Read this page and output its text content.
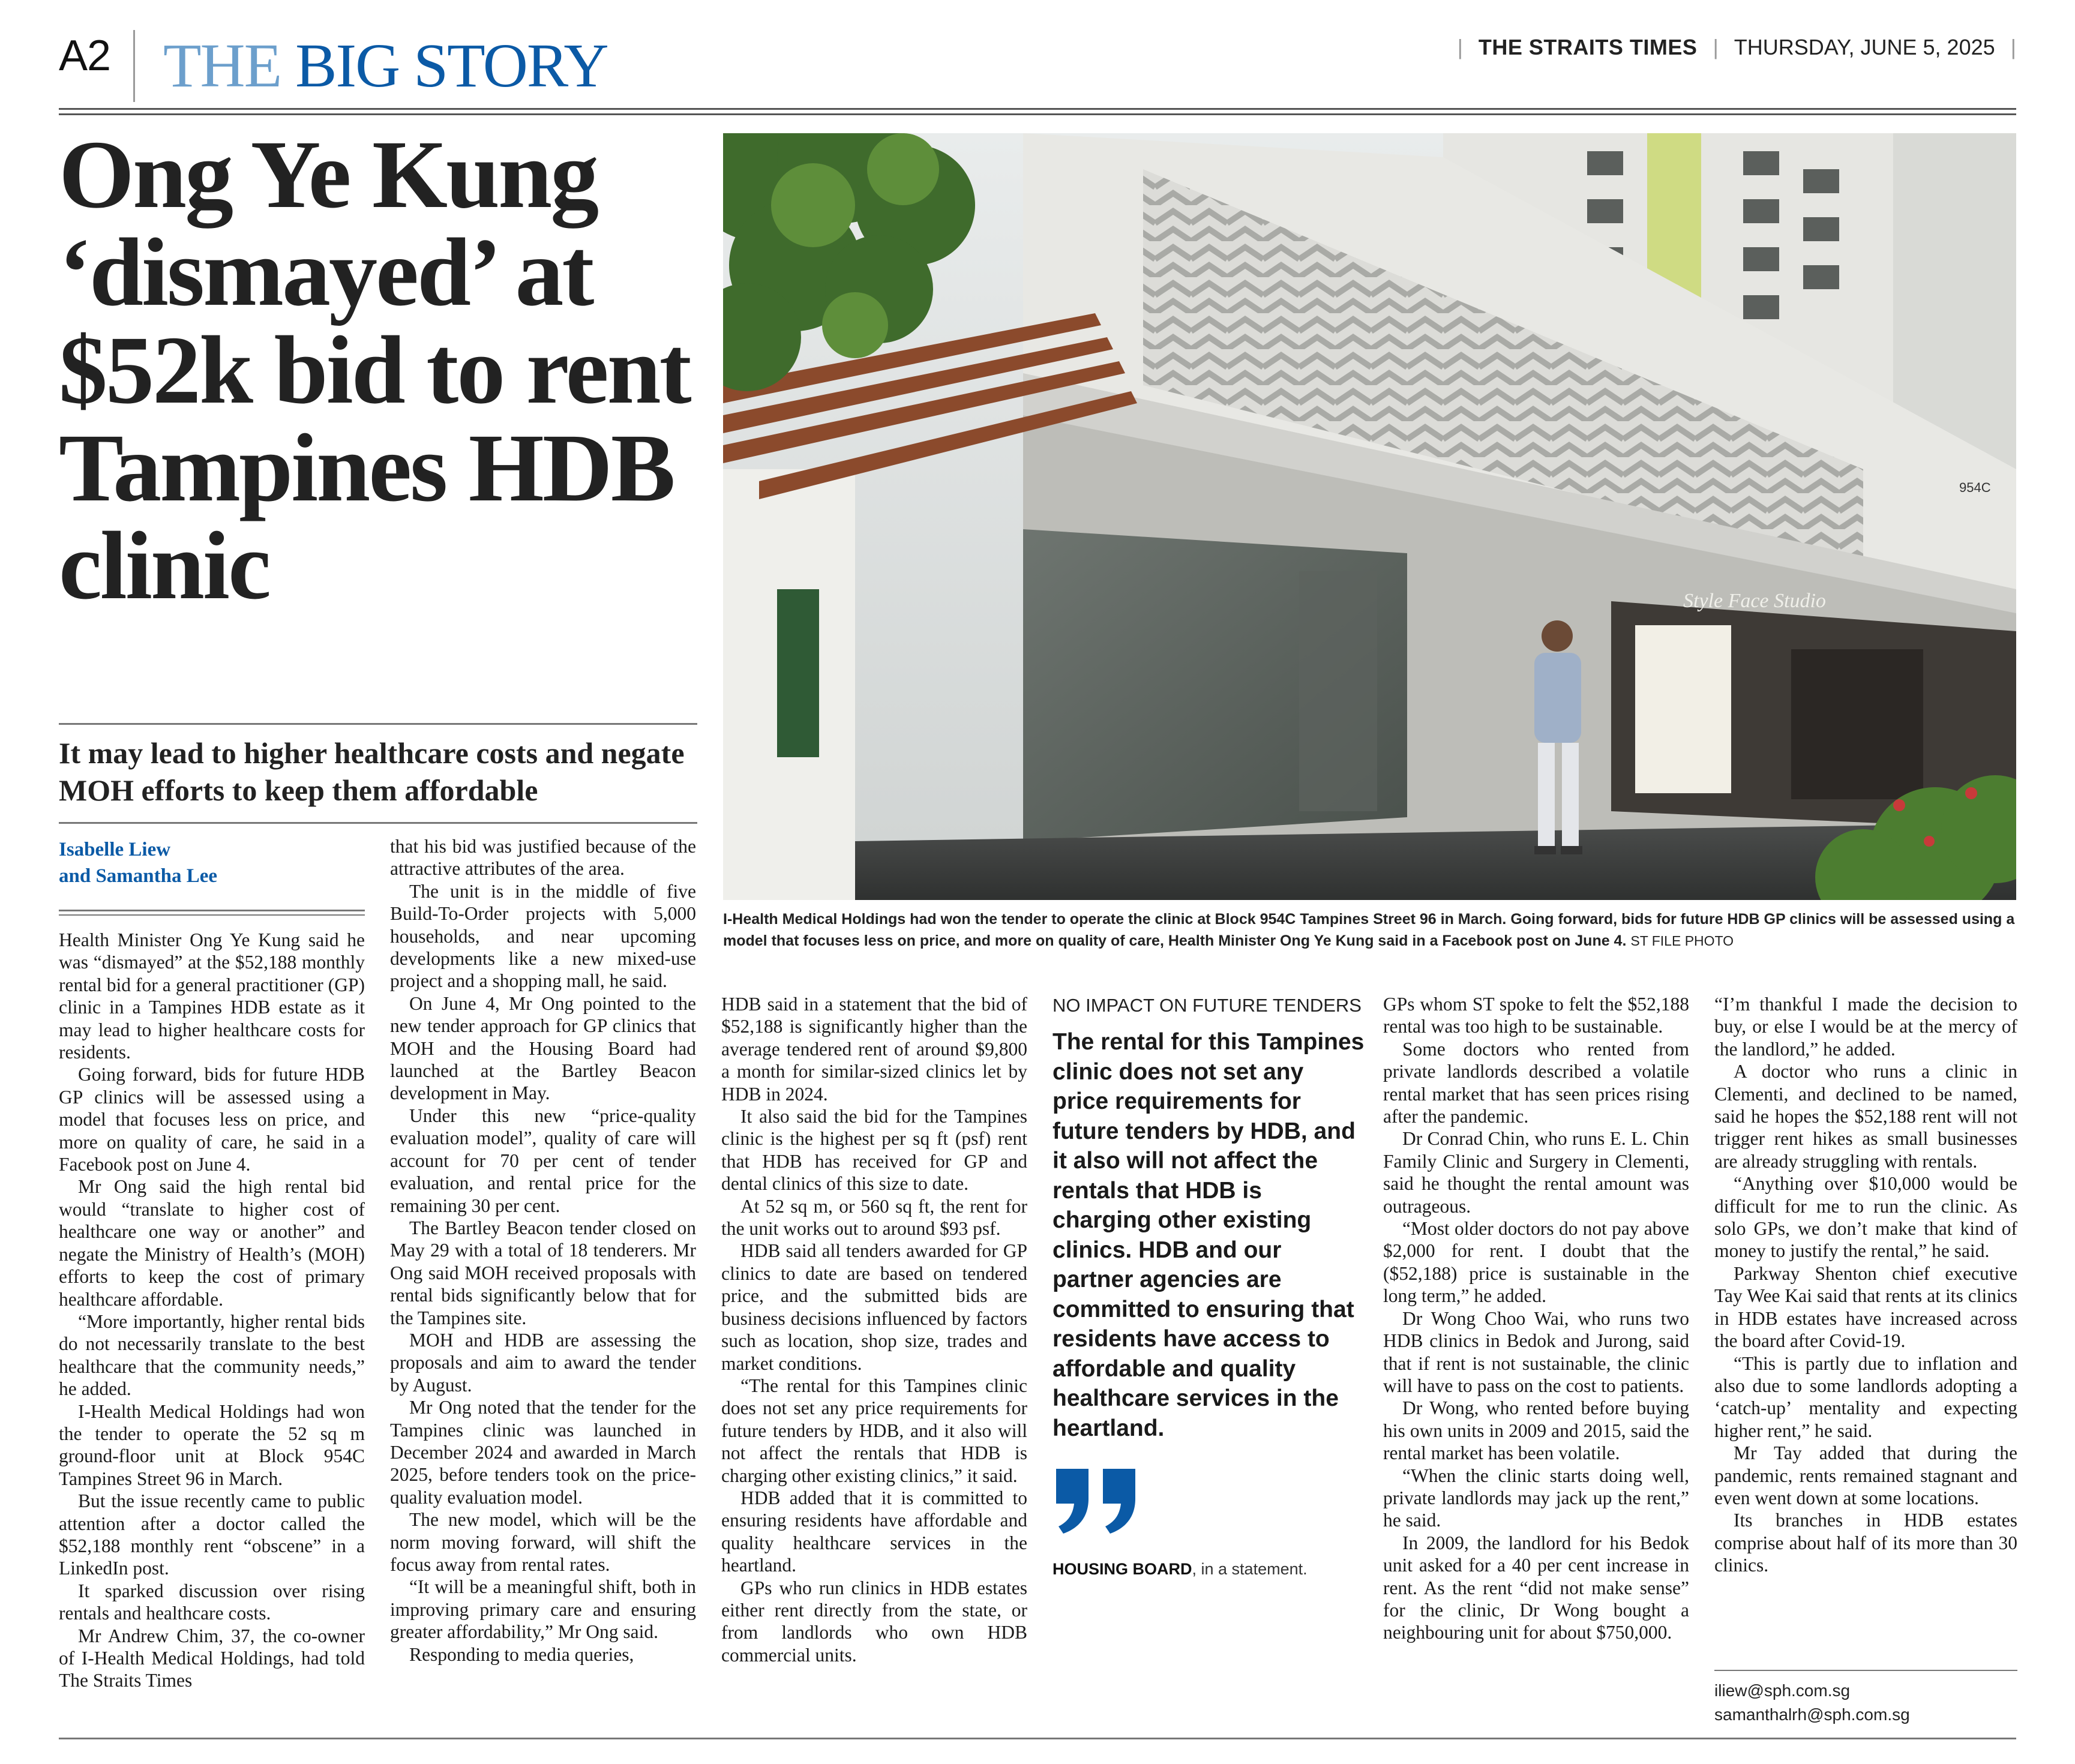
A2 THE BIG STORY	| THE STRAITS TIMES | THURSDAY, JUNE 5, 2025 |
Ong Ye Kung ‘dismayed’ at $52k bid to rent Tampines HDB clinic
It may lead to higher healthcare costs and negate MOH efforts to keep them affordable
Isabelle Liew
and Samantha Lee
Style Face Studio
954C
I-Health Medical Holdings had won the tender to operate the clinic at Block 954C Tampines Street 96 in March. Going forward, bids for future HDB GP clinics will be assessed using a model that focuses less on price, and more on quality of care, Health Minister Ong Ye Kung said in a Facebook post on June 4. ST FILE PHOTO

Health Minister Ong Ye Kung said he was “dismayed” at the $52,188 monthly rental bid for a general practitioner (GP) clinic in a Tampines HDB estate as it may lead to higher healthcare costs for residents.

Going forward, bids for future HDB GP clinics will be assessed using a model that focuses less on price, and more on quality of care, he said in a Facebook post on June 4.

Mr Ong said the high rental bid would “translate to higher cost of healthcare one way or another” and negate the Ministry of Health’s (MOH) efforts to keep the cost of primary healthcare affordable.

“More importantly, higher rental bids do not necessarily translate to the best healthcare that the community needs,” he added.

I-Health Medical Holdings had won the tender to operate the 52 sq m ground-floor unit at Block 954C Tampines Street 96 in March.

But the issue recently came to public attention after a doctor called the $52,188 monthly rent “obscene” in a LinkedIn post.

It sparked discussion over rising rentals and healthcare costs.

Mr Andrew Chim, 37, the co-owner of I-Health Medical Holdings, had told The Straits Times

that his bid was justified because of the attractive attributes of the area.

The unit is in the middle of five Build-To-Order projects with 5,000 households, and near upcoming developments like a new mixed-use project and a shopping mall, he said.

On June 4, Mr Ong pointed to the new tender approach for GP clinics that MOH and the Housing Board had launched at the Bartley Beacon development in May.

Under this new “price-quality evaluation model”, quality of care will account for 70 per cent of tender evaluation, and rental price for the remaining 30 per cent.

The Bartley Beacon tender closed on May 29 with a total of 18 tenderers. Mr Ong said MOH received proposals with rental bids significantly below that for the Tampines site.

MOH and HDB are assessing the proposals and aim to award the tender by August.

Mr Ong noted that the tender for the Tampines clinic was launched in December 2024 and awarded in March 2025, before tenders took on the price-quality evaluation model.

The new model, which will be the norm moving forward, will shift the focus away from rental rates.

“It will be a meaningful shift, both in improving primary care and ensuring greater affordability,” Mr Ong said.

Responding to media queries,

HDB said in a statement that the bid of $52,188 is significantly higher than the average tendered rent of around $9,800 a month for similar-sized clinics let by HDB in 2024.

It also said the bid for the Tampines clinic is the highest per sq ft (psf) rent that HDB has received for GP and dental clinics of this size to date.

At 52 sq m, or 560 sq ft, the rent for the unit works out to around $93 psf.

HDB said all tenders awarded for GP clinics to date are based on tendered price, and the submitted bids are business decisions influenced by factors such as location, shop size, trades and market conditions.

“The rental for this Tampines clinic does not set any price requirements for future tenders by HDB, and it also will not affect the rentals that HDB is charging other existing clinics,” it said.

HDB added that it is committed to ensuring residents have affordable and quality healthcare services in the heartland.

GPs who run clinics in HDB estates either rent directly from the state, or from landlords who own HDB commercial units.

NO IMPACT ON FUTURE TENDERS
The rental for this Tampines clinic does not set any price requirements for future tenders by HDB, and it also will not affect the rentals that HDB is charging other existing clinics. HDB and our partner agencies are committed to ensuring that residents have access to affordable and quality healthcare services in the heartland.
HOUSING BOARD, in a statement.

GPs whom ST spoke to felt the $52,188 rental was too high to be sustainable.

Some doctors who rented from private landlords described a volatile rental market that has seen prices rising after the pandemic.

Dr Conrad Chin, who runs E. L. Chin Family Clinic and Surgery in Clementi, said he thought the rental amount was outrageous.

“Most older doctors do not pay above $2,000 for rent. I doubt that the ($52,188) price is sustainable in the long term,” he added.

Dr Wong Choo Wai, who runs two HDB clinics in Bedok and Jurong, said that if rent is not sustainable, the clinic will have to pass on the cost to patients.

Dr Wong, who rented before buying his own units in 2009 and 2015, said the rental market has been volatile.

“When the clinic starts doing well, private landlords may jack up the rent,” he said.

In 2009, the landlord for his Bedok unit asked for a 40 per cent increase in rent. As the rent “did not make sense” for the clinic, Dr Wong bought a neighbouring unit for about $750,000.

“I’m thankful I made the decision to buy, or else I would be at the mercy of the landlord,” he added.

A doctor who runs a clinic in Clementi, and declined to be named, said he hopes the $52,188 rent will not trigger rent hikes as small businesses are already struggling with rentals.

“Anything over $10,000 would be difficult for me to run the clinic. As solo GPs, we don’t make that kind of money to justify the rental,” he said.

Parkway Shenton chief executive Tay Wee Kai said that rents at its clinics in HDB estates have increased across the board after Covid-19.

“This is partly due to inflation and also due to some landlords adopting a ‘catch-up’ mentality and expecting higher rent,” he said.

Mr Tay added that during the pandemic, rents remained stagnant and even went down at some locations.

Its branches in HDB estates comprise about half of its more than 30 clinics.

iliew@sph.com.sg
samanthalrh@sph.com.sg
